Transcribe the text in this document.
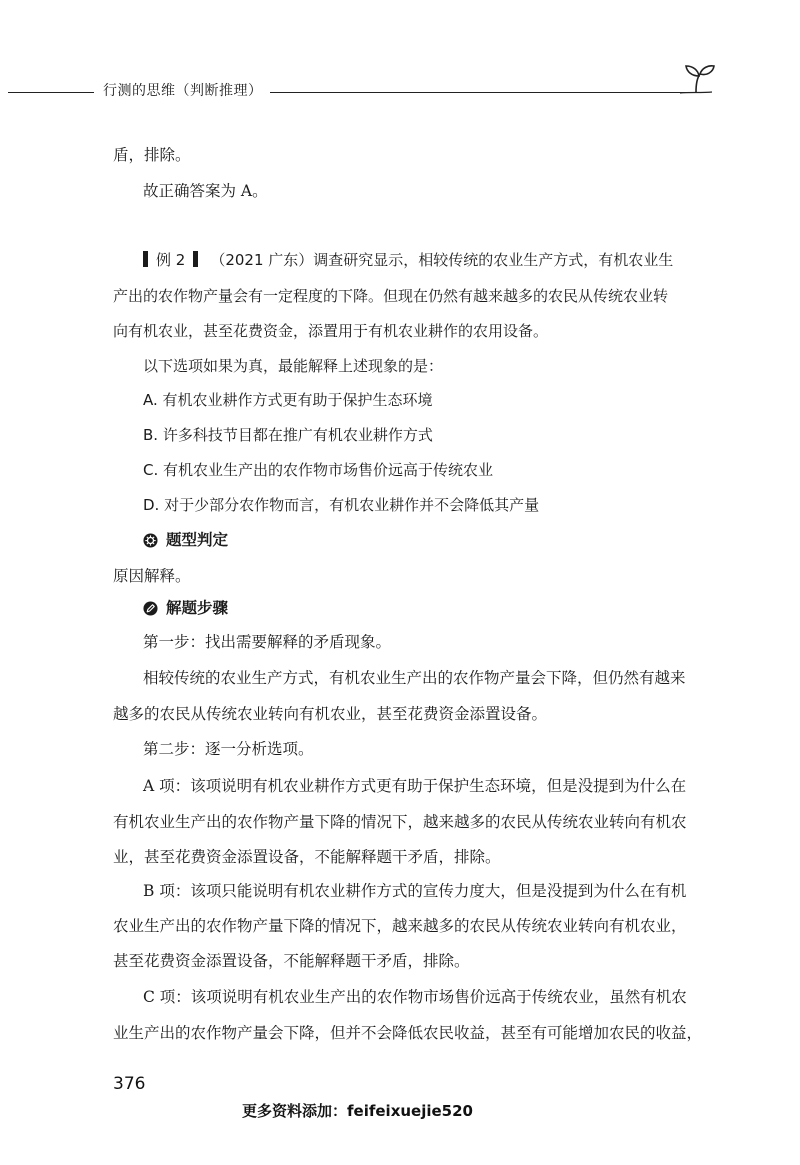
行测的思维（判断推理）
盾，排除。
故正确答案为 A。
例 2 （2021 广东）调查研究显示，相较传统的农业生产方式，有机农业生
产出的农作物产量会有一定程度的下降。但现在仍然有越来越多的农民从传统农业转
向有机农业，甚至花费资金，添置用于有机农业耕作的农用设备。
以下选项如果为真，最能解释上述现象的是：
A. 有机农业耕作方式更有助于保护生态环境
B. 许多科技节目都在推广有机农业耕作方式
C. 有机农业生产出的农作物市场售价远高于传统农业
D. 对于少部分农作物而言，有机农业耕作并不会降低其产量
题型判定
原因解释。
解题步骤
第一步：找出需要解释的矛盾现象。
相较传统的农业生产方式，有机农业生产出的农作物产量会下降，但仍然有越来
越多的农民从传统农业转向有机农业，甚至花费资金添置设备。
第二步：逐一分析选项。
A 项：该项说明有机农业耕作方式更有助于保护生态环境，但是没提到为什么在
有机农业生产出的农作物产量下降的情况下，越来越多的农民从传统农业转向有机农
业，甚至花费资金添置设备，不能解释题干矛盾，排除。
B 项：该项只能说明有机农业耕作方式的宣传力度大，但是没提到为什么在有机
农业生产出的农作物产量下降的情况下，越来越多的农民从传统农业转向有机农业，
甚至花费资金添置设备，不能解释题干矛盾，排除。
C 项：该项说明有机农业生产出的农作物市场售价远高于传统农业，虽然有机农
业生产出的农作物产量会下降，但并不会降低农民收益，甚至有可能增加农民的收益，
376
更多资料添加：feifeixuejie520
